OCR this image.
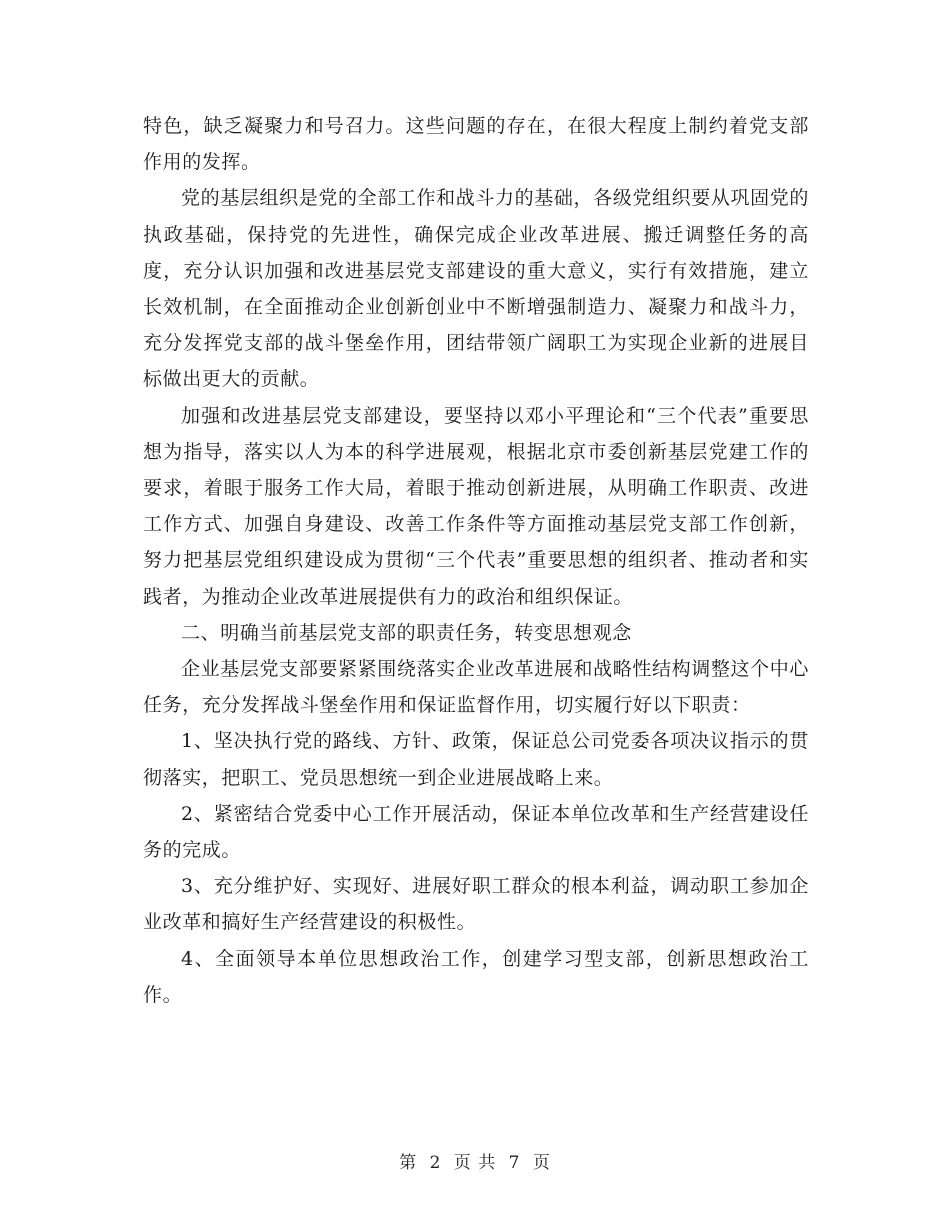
特色，缺乏凝聚力和号召力。这些问题的存在，在很大程度上制约着党支部作用的发挥。

党的基层组织是党的全部工作和战斗力的基础，各级党组织要从巩固党的执政基础，保持党的先进性，确保完成企业改革进展、搬迁调整任务的高度，充分认识加强和改进基层党支部建设的重大意义，实行有效措施，建立长效机制，在全面推动企业创新创业中不断增强制造力、凝聚力和战斗力，充分发挥党支部的战斗堡垒作用，团结带领广阔职工为实现企业新的进展目标做出更大的贡献。

加强和改进基层党支部建设，要坚持以邓小平理论和“三个代表”重要思想为指导，落实以人为本的科学进展观，根据北京市委创新基层党建工作的要求，着眼于服务工作大局，着眼于推动创新进展，从明确工作职责、改进工作方式、加强自身建设、改善工作条件等方面推动基层党支部工作创新，努力把基层党组织建设成为贯彻“三个代表”重要思想的组织者、推动者和实践者，为推动企业改革进展提供有力的政治和组织保证。

二、明确当前基层党支部的职责任务，转变思想观念

企业基层党支部要紧紧围绕落实企业改革进展和战略性结构调整这个中心任务，充分发挥战斗堡垒作用和保证监督作用，切实履行好以下职责：

1、坚决执行党的路线、方针、政策，保证总公司党委各项决议指示的贯彻落实，把职工、党员思想统一到企业进展战略上来。

2、紧密结合党委中心工作开展活动，保证本单位改革和生产经营建设任务的完成。

3、充分维护好、实现好、进展好职工群众的根本利益，调动职工参加企业改革和搞好生产经营建设的积极性。

4、全面领导本单位思想政治工作，创建学习型支部，创新思想政治工作。

第 2 页 共 7 页
